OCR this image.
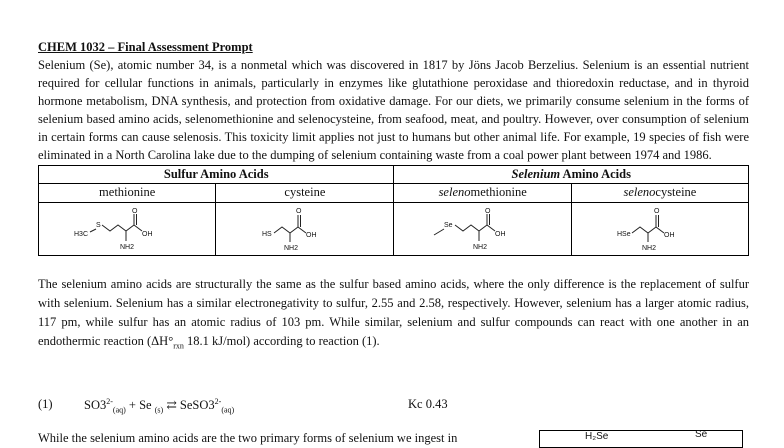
CHEM 1032 – Final Assessment Prompt

Selenium (Se), atomic number 34, is a nonmetal which was discovered in 1817 by Jöns Jacob Berzelius. Selenium is an essential nutrient required for cellular functions in animals, particularly in enzymes like glutathione peroxidase and thioredoxin reductase, and in thyroid hormone metabolism, DNA synthesis, and protection from oxidative damage. For our diets, we primarily consume selenium in the forms of selenium based amino acids, selenomethionine and selenocysteine, from seafood, meat, and poultry. However, over consumption of selenium in certain forms can cause selenosis. This toxicity limit applies not just to humans but other animal life. For example, 19 species of fish were eliminated in a North Carolina lake due to the dumping of selenium containing waste from a coal power plant between 1974 and 1986.

Sulfur Amino Acids		Selenium Amino Acids	
methionine	cysteine	selenomethionine	selenocysteine

H3C
S
O
OH
NH2	HS
O
OH
NH2	Se
O
OH
NH2	HSe
O
OH
NH2

The selenium amino acids are structurally the same as the sulfur based amino acids, where the only difference is the replacement of sulfur with selenium. Selenium has a similar electronegativity to sulfur, 2.55 and 2.58, respectively. However, selenium has a larger atomic radius, 117 pm, while sulfur has an atomic radius of 103 pm. While similar, selenium and sulfur compounds can react with one another in an endothermic reaction ($\Delta H^\circ_{rxn}$ 18.1 kJ/mol) according to reaction (1).

(1)	$SO3^{2-}_{(aq)} + Se$ $_{(s)}$ ⇄ $SeSO3^{2-}_{(aq)}$	Kc 0.43
While the selenium amino acids are the two primary forms of selenium we ingest in	H₂Se	Se
